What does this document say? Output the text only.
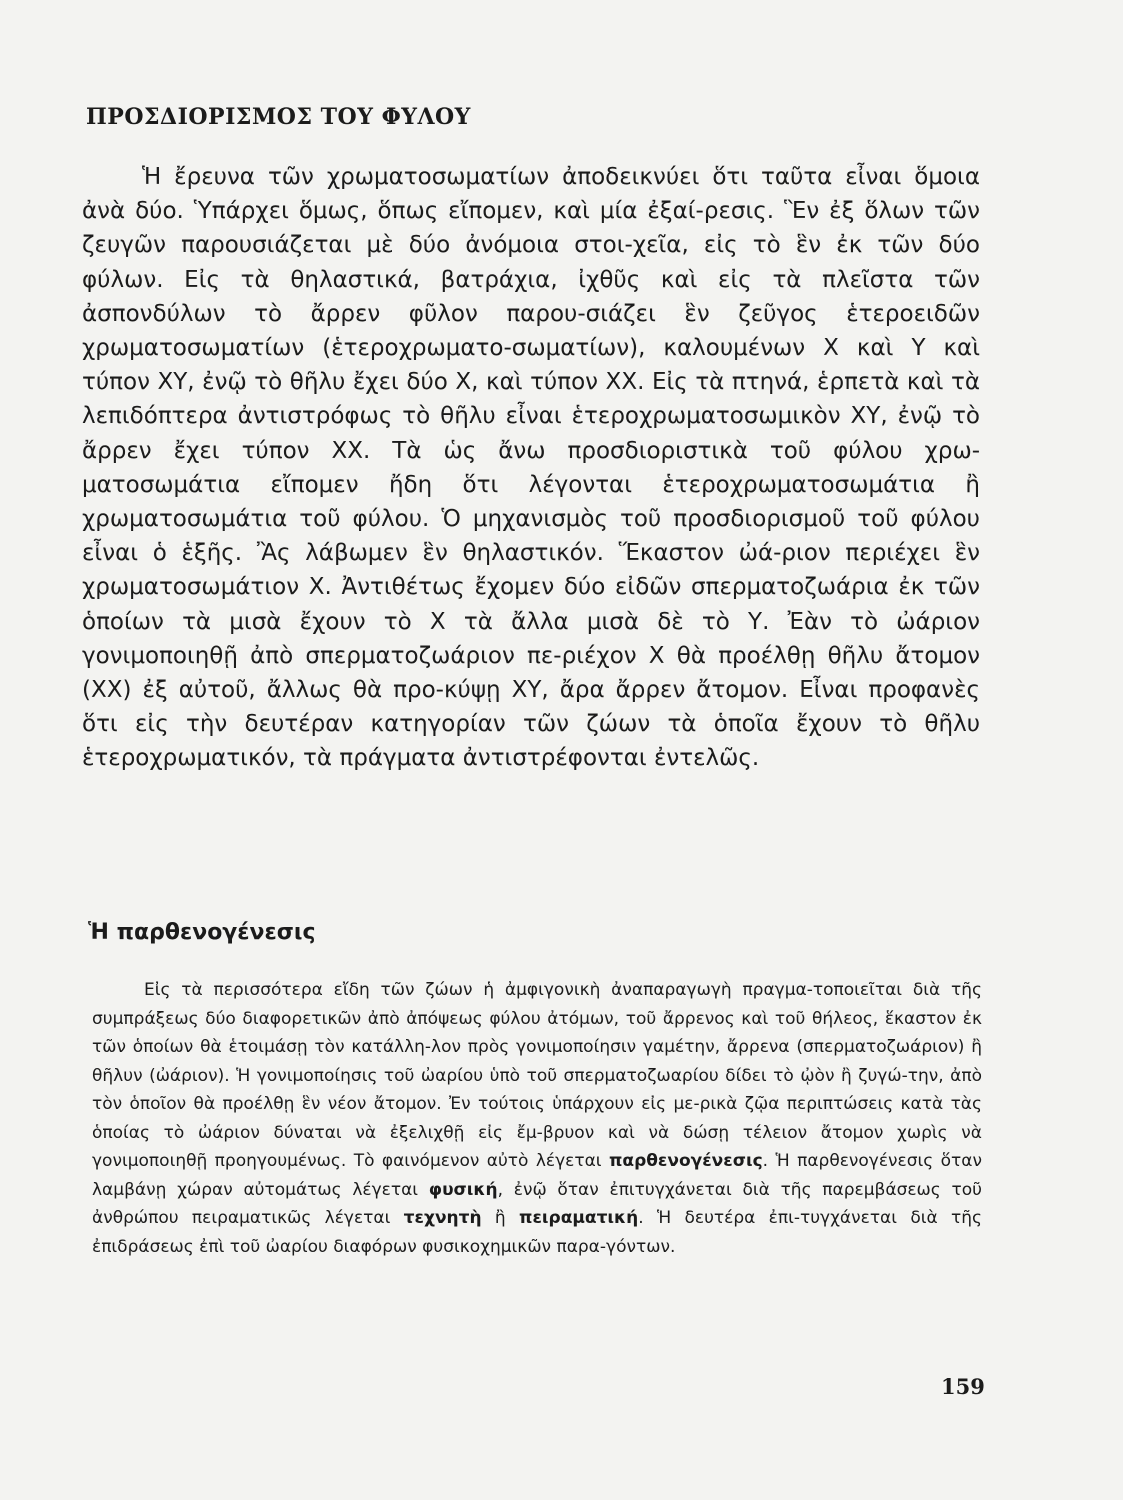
ΠΡΟΣΔΙΟΡΙΣΜΟΣ ΤΟΥ ΦΥΛΟΥ

Ἡ ἔρευνα τῶν χρωματοσωματίων ἀποδεικνύει ὅτι ταῦτα εἶναι ὅμοια ἀνὰ δύο. Ὑπάρχει ὅμως, ὅπως εἴπομεν, καὶ μία ἐξαί-ρεσις. Ἓν ἐξ ὅλων τῶν ζευγῶν παρουσιάζεται μὲ δύο ἀνόμοια στοι-χεῖα, εἰς τὸ ἓν ἐκ τῶν δύο φύλων. Εἰς τὰ θηλαστικά, βατράχια, ἰχθῦς καὶ εἰς τὰ πλεῖστα τῶν ἀσπονδύλων τὸ ἄρρεν φῦλον παρου-σιάζει ἓν ζεῦγος ἑτεροειδῶν χρωματοσωματίων (ἑτεροχρωματο-σωματίων), καλουμένων Χ καὶ Υ καὶ τύπον ΧΥ, ἐνῷ τὸ θῆλυ ἔχει δύο Χ, καὶ τύπον ΧΧ. Εἰς τὰ πτηνά, ἑρπετὰ καὶ τὰ λεπιδόπτερα ἀντιστρόφως τὸ θῆλυ εἶναι ἑτεροχρωματοσωμικὸν ΧΥ, ἐνῷ τὸ ἄρρεν ἔχει τύπον ΧΧ. Τὰ ὡς ἄνω προσδιοριστικὰ τοῦ φύλου χρω-ματοσωμάτια εἴπομεν ἤδη ὅτι λέγονται ἑτεροχρωματοσωμάτια ἢ χρωματοσωμάτια τοῦ φύλου. Ὁ μηχανισμὸς τοῦ προσδιορισμοῦ τοῦ φύλου εἶναι ὁ ἑξῆς. Ἂς λάβωμεν ἓν θηλαστικόν. Ἕκαστον ὠά-ριον περιέχει ἓν χρωματοσωμάτιον Χ. Ἀντιθέτως ἔχομεν δύο εἰδῶν σπερματοζωάρια ἐκ τῶν ὁποίων τὰ μισὰ ἔχουν τὸ Χ τὰ ἄλλα μισὰ δὲ τὸ Υ. Ἐὰν τὸ ὠάριον γονιμοποιηθῇ ἀπὸ σπερματοζωάριον πε-ριέχον Χ θὰ προέλθῃ θῆλυ ἄτομον (ΧΧ) ἐξ αὐτοῦ, ἄλλως θὰ προ-κύψῃ ΧΥ, ἄρα ἄρρεν ἄτομον. Εἶναι προφανὲς ὅτι εἰς τὴν δευτέραν κατηγορίαν τῶν ζώων τὰ ὁποῖα ἔχουν τὸ θῆλυ ἑτεροχρωματικόν, τὰ πράγματα ἀντιστρέφονται ἐντελῶς.

Ἡ παρθενογένεσις

Εἰς τὰ περισσότερα εἴδη τῶν ζώων ἡ ἀμφιγονικὴ ἀναπαραγωγὴ πραγμα-τοποιεῖται διὰ τῆς συμπράξεως δύο διαφορετικῶν ἀπὸ ἀπόψεως φύλου ἀτόμων, τοῦ ἄρρενος καὶ τοῦ θήλεος, ἕκαστον ἐκ τῶν ὁποίων θὰ ἑτοιμάσῃ τὸν κατάλλη-λον πρὸς γονιμοποίησιν γαμέτην, ἄρρενα (σπερματοζωάριον) ἢ θῆλυν (ὠάριον). Ἡ γονιμοποίησις τοῦ ὠαρίου ὑπὸ τοῦ σπερματοζωαρίου δίδει τὸ ᾠὸν ἢ ζυγώ-την, ἀπὸ τὸν ὁποῖον θὰ προέλθῃ ἓν νέον ἄτομον. Ἐν τούτοις ὑπάρχουν εἰς με-ρικὰ ζῷα περιπτώσεις κατὰ τὰς ὁποίας τὸ ὠάριον δύναται νὰ ἐξελιχθῇ εἰς ἔμ-βρυον καὶ νὰ δώσῃ τέλειον ἄτομον χωρὶς νὰ γονιμοποιηθῇ προηγουμένως. Τὸ φαινόμενον αὐτὸ λέγεται παρθενογένεσις. Ἡ παρθενογένεσις ὅταν λαμβάνῃ χώραν αὐτομάτως λέγεται φυσική, ἐνῷ ὅταν ἐπιτυγχάνεται διὰ τῆς παρεμβάσεως τοῦ ἀνθρώπου πειραματικῶς λέγεται τεχνητὴ ἢ πειραματική. Ἡ δευτέρα ἐπι-τυγχάνεται διὰ τῆς ἐπιδράσεως ἐπὶ τοῦ ὠαρίου διαφόρων φυσικοχημικῶν παρα-γόντων.

159
